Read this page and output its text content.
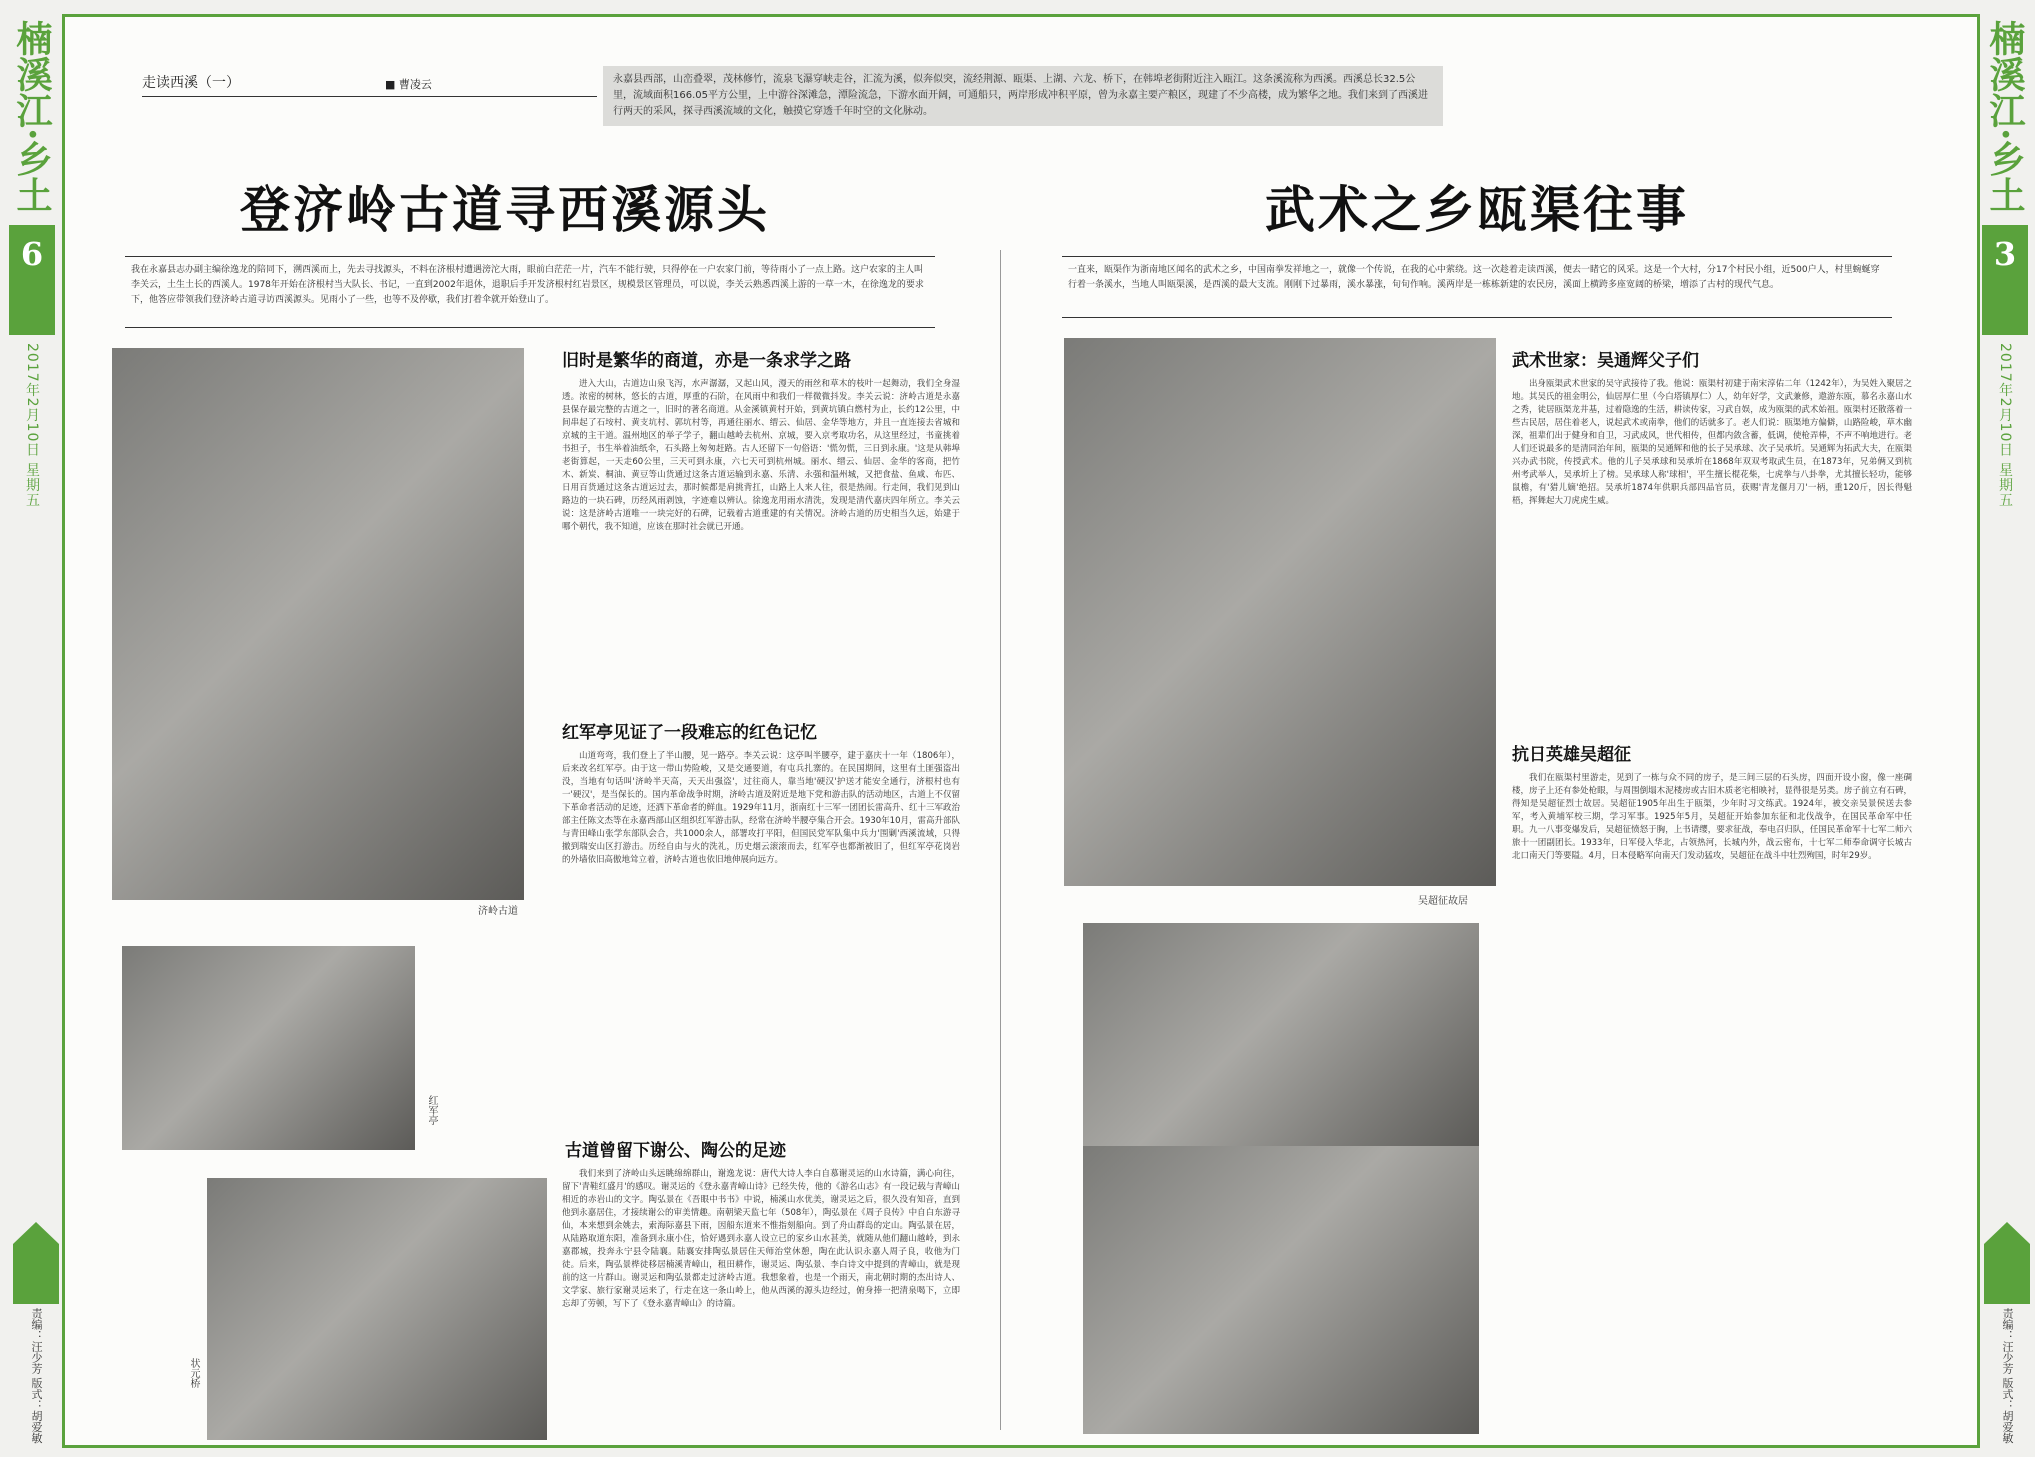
楠溪江·乡土
6
2017年2月10日 星期五
责编：汪少芳 版式：胡爱敏
楠溪江·乡土
3
2017年2月10日 星期五
责编：汪少芳 版式：胡爱敏
走读西溪（一）	■ 曹凌云	永嘉县西部，山峦叠翠，茂林修竹，流泉飞瀑穿峡走谷，汇流为溪，似奔似突，流经荆源、瓯渠、上湖、六龙、桥下，在韩埠老街附近注入瓯江。这条溪流称为西溪。西溪总长32.5公里，流域面积166.05平方公里，上中游谷深滩急，潭险流急，下游水面开阔，可通船只，两岸形成冲积平原，曾为永嘉主要产粮区，现建了不少高楼，成为繁华之地。我们来到了西溪进行两天的采风，探寻西溪流域的文化，触摸它穿透千年时空的文化脉动。
登济岭古道寻西溪源头
我在永嘉县志办副主编徐逸龙的陪同下，溯西溪而上，先去寻找源头，不料在济根村遭遇滂沱大雨，眼前白茫茫一片，汽车不能行驶，只得停在一户农家门前，等待雨小了一点上路。这户农家的主人叫李关云，土生土长的西溪人。1978年开始在济根村当大队长、书记，一直到2002年退休，退职后手开发济根村红岩景区，规模景区管理员，可以说，李关云熟悉西溪上游的一草一木，在徐逸龙的要求下，他答应带领我们登济岭古道寻访西溪源头。见雨小了一些，也等不及停歇，我们打着伞就开始登山了。
济岭古道
红军亭
状元桥
旧时是繁华的商道，亦是一条求学之路

进入大山，古道边山泉飞泻，水声潺潺，又起山风，漫天的雨丝和草木的枝叶一起舞动，我们全身湿透。浓密的树林，悠长的古道，厚重的石阶，在风雨中和我们一样微微抖发。李关云说：济岭古道是永嘉县保存最完整的古道之一，旧时的著名商道。从金溪镇黄村开始，到黄坑镇白燃村为止，长约12公里，中间串起了石垵村、黄支坑村、郭坑村等，再通往丽水、缙云、仙居、金华等地方，并且一直连接去省城和京城的主干道。温州地区的举子学子，翻山越岭去杭州、京城，要入京考取功名，从这里经过，书童挑着书担子，书生举着油纸伞，石头路上匆匆赶路。古人还留下一句俗语：'慌勿慌，三日到永康。'这是从韩埠老街算起，一天走60公里，三天可到永康，六七天可到杭州城。丽水、缙云、仙居、金华的客商，把竹木、新炭、桐油、黄豆等山货通过这条古道运输到永嘉、乐清、永强和温州城，又把食盐、鱼咸、布匹、日用百货通过这条古道运过去，那时候都是肩挑背扛，山路上人来人往，很是热闹。行走间，我们见到山路边的一块石碑，历经风雨剥蚀，字迹难以辨认。徐逸龙用雨水清洗，发现是清代嘉庆四年所立。李关云说：这是济岭古道唯一一块完好的石碑，记载着古道重建的有关情况。济岭古道的历史相当久远，始建于哪个朝代，我不知道，应该在那时社会就已开通。

红军亭见证了一段难忘的红色记忆

山道弯弯，我们登上了半山腰，见一路亭。李关云说：这亭叫半腰亭，建于嘉庆十一年（1806年），后来改名红军亭。由于这一带山势险峻，又是交通要道，有屯兵扎寨的。在民国期间，这里有土匪强盗出没，当地有句话叫'济岭半天高，天天出强盗'，过往商人，靠当地'硬汉'护送才能安全通行，济根村也有一'硬汉'，是当保长的。国内革命战争时期，济岭古道及附近是地下党和游击队的活动地区，古道上不仅留下革命者活动的足迹，还洒下革命者的鲜血。1929年11月，浙南红十三军一团团长雷高升、红十三军政治部主任陈文杰等在永嘉西部山区组织红军游击队，经常在济岭半腰亭集合开会。1930年10月，雷高升部队与青田峰山张学东部队会合，共1000余人，部署攻打平阳，但国民党军队集中兵力'围剿'西溪流域，只得撤到瑞安山区打游击。历经自由与火的洗礼，历史烟云滚滚而去，红军亭也都渐被旧了，但红军亭花岗岩的外墙依旧高傲地耸立着，济岭古道也依旧地伸展向远方。

古道曾留下谢公、陶公的足迹

我们来到了济岭山头远眺绵绵群山，谢逸龙说：唐代大诗人李白自慕谢灵运的山水诗篇，满心向往，留下'青鞋红盛月'的感叹。谢灵运的《登永嘉青嶂山诗》已经失传，他的《游名山志》有一段记载与青嶂山相近的赤岩山的文字。陶弘景在《吾眼中书书》中说，楠溪山水优美，谢灵运之后，很久没有知音，直到他到永嘉居住，才接续谢公的审美情趣。南朝梁天监七年（508年），陶弘景在《周子良传》中自白东游寻仙，本来想到余姚去，索海际嘉县下雨，因船东道来不惟指刻船向。到了舟山群岛的定山。陶弘景在居，从陆路取道东阳，准备到永康小住，恰好遇到永嘉人设立已的家乡山水甚美，就随从他们翻山越岭，到永嘉郡城，投奔永宁县令陆襄。陆襄安排陶弘景居住天师治堂休憩，陶在此认识永嘉人周子良，收他为门徒。后来，陶弘景桦徒移居楠溪青嶂山，租田耕作，谢灵运、陶弘景、李白诗文中提到的青嶂山，就是现前的这一片群山。谢灵运和陶弘景都走过济岭古道。我想象着，也是一个雨天，南北朝时期的杰出诗人、文学家、旅行家谢灵运来了，行走在这一条山岭上，他从西溪的源头边经过，俯身捧一把清泉喝下，立即忘却了劳顿，写下了《登永嘉青嶂山》的诗篇。

武术之乡瓯渠往事
一直来，瓯渠作为浙南地区闻名的武术之乡，中国南拳发祥地之一，就像一个传说，在我的心中萦绕。这一次趁着走读西溪，便去一睹它的风采。这是一个大村，分17个村民小组，近500户人，村里蜿蜒穿行着一条溪水，当地人叫瓯渠溪，是西溪的最大支流。刚刚下过暴雨，溪水暴涨，旬旬作响。溪两岸是一栋栋新建的农民房，溪面上横跨多座宽阔的桥梁，增添了古村的现代气息。
吴超征故居
武术世家：吴通辉父子们

出身瓯渠武术世家的吴守武接待了我。他说：瓯渠村初建于南宋淳佑二年（1242年），为吴姓入聚居之地。其吴氏的祖金明公，仙居厚仁里（今白塔镇厚仁）人，幼年好学，文武兼修，遨游东瓯，慕名永嘉山水之秀，徒居瓯渠龙井基，过着隐逸的生活，耕读传家，习武自娱，成为瓯渠的武术始祖。瓯渠村还散落着一些古民居，居住着老人，说起武术或南拳，他们的话就多了。老人们说：瓯渠地方偏僻，山路险峻，草木幽深，祖辈们出于健身和自卫，习武成风，世代相传，但都内敛含蓄，低调，使枪弄棒，不声不响地进行。老人们还说最多的是清同治年间，瓯渠的吴通辉和他的长子吴承球、次子吴承圻。吴通辉为拓武大夫，在瓯渠兴办武书院，传授武术。他的儿子吴承球和吴承圻在1868年双双考取武生员，在1873年，兄弟俩又到杭州考武举人，吴承圻上了榜。吴承球人称'球相'，平生擅长棍花柴，七虎拳与八卦拳，尤其擅长轻功，能够鼠檐，有'猎儿嫡'绝招。吴承圻1874年供职兵部四品官员，获赐'青龙偃月刀'一柄，重120斤，因长得魁梧，挥舞起大刀虎虎生威。

抗日英雄吴超征

我们在瓯渠村里游走，见到了一栋与众不同的房子，是三间三层的石头房，四面开设小窗，像一座碉楼，房子上还有参处枪眼，与周围倒塌木泥楼房或古旧木质老宅相映衬，显得很是另类。房子前立有石碑，得知是吴超征烈士故居。吴超征1905年出生于瓯渠，少年时习文练武。1924年，被交亲吴景侯送去参军，考入黄埔军校三期，学习军事。1925年5月，吴超征开始参加东征和北伐战争，在国民革命军中任职。九一八事变爆发后，吴超征愤怒于胸，上书请缨，要求征战，奉电召归队，任国民革命军十七军二师六旅十一团副团长。1933年，日军侵入华北，占领热河，长城内外，战云密布，十七军二师奉命调守长城古北口南天门等要隘。4月，日本侵略军向南天门发动猛攻，吴超征在战斗中壮烈殉国，时年29岁。
